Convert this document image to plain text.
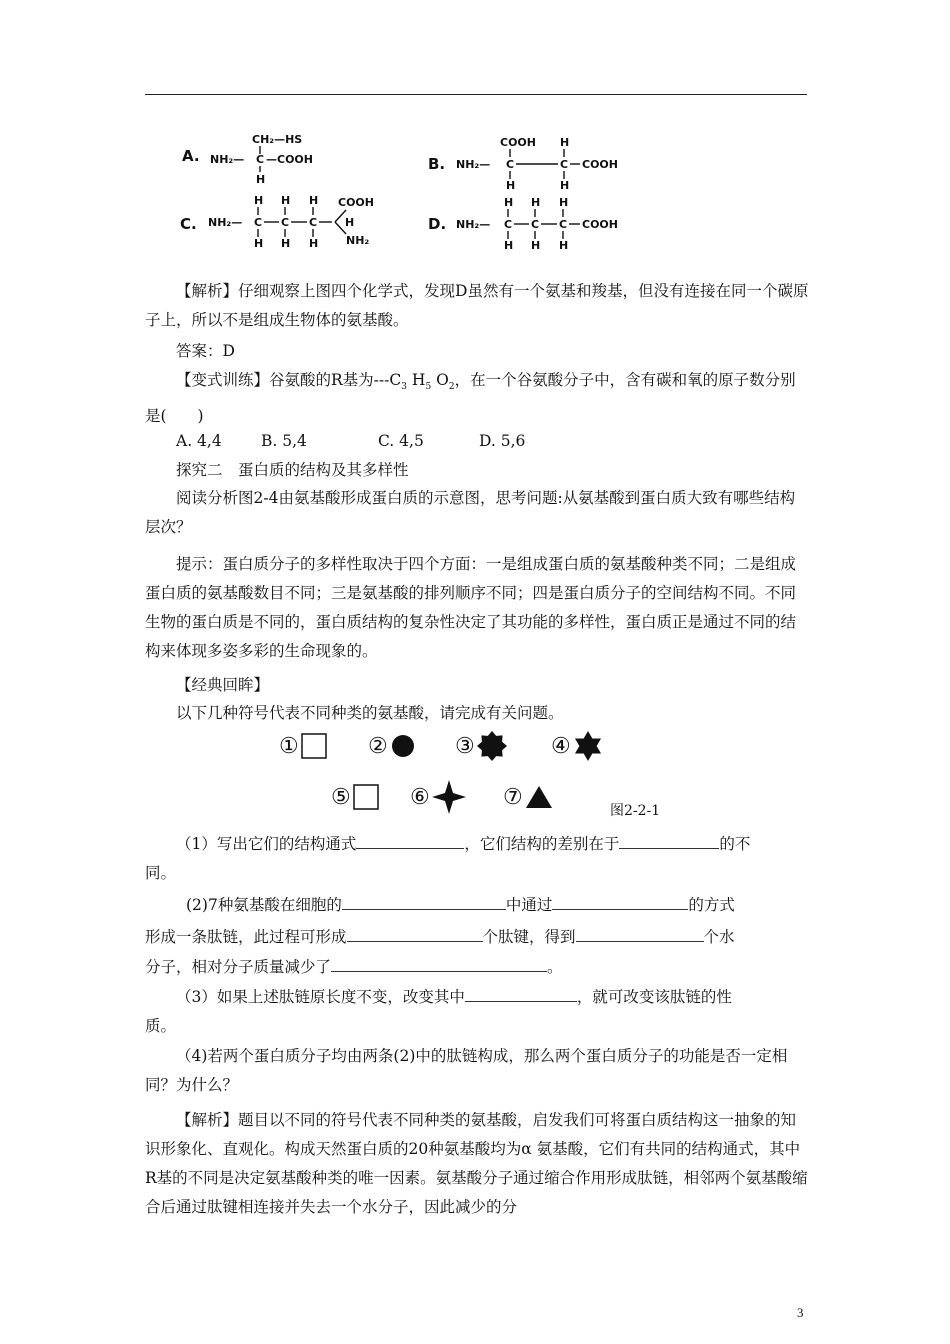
A.
CH₂—HS
NH₂— C —COOH
H
B.
COOH H
NH₂— C	C COOH
H	H
C. NH₂—
H H H
C C C
COOH
H
NH₂
H H H
D. NH₂—
H H H
C C C COOH
H H H

【解析】仔细观察上图四个化学式，发现D虽然有一个氨基和羧基，但没有连接在同一个碳原子上，所以不是组成生物体的氨基酸。

答案：D

【变式训练】谷氨酸的R基为$---C_3$ $H_5$ $O_2$，在一个谷氨酸分子中，含有碳和氧的原子数分别是(　　)

A. 4,4	B. 5,4	C. 4,5	D. 5,6
探究二　蛋白质的结构及其多样性

阅读分析图2-4由氨基酸形成蛋白质的示意图，思考问题:从氨基酸到蛋白质大致有哪些结构层次？

提示：蛋白质分子的多样性取决于四个方面：一是组成蛋白质的氨基酸种类不同；二是组成蛋白质的氨基酸数目不同；三是氨基酸的排列顺序不同；四是蛋白质分子的空间结构不同。不同生物的蛋白质是不同的，蛋白质结构的复杂性决定了其功能的多样性，蛋白质正是通过不同的结构来体现多姿多彩的生命现象的。

【经典回眸】
以下几种符号代表不同种类的氨基酸，请完成有关问题。
①	②	③	④
⑤	⑥	⑦
图2-2-1
（1）写出它们的结构通式	，它们结构的差别在于	的不
同。
(2)7种氨基酸在细胞的	中通过	的方式
形成一条肽链，此过程可形成	个肽键，得到	个水
分子，相对分子质量减少了	。
（3）如果上述肽链原长度不变，改变其中	，就可改变该肽链的性
质。

（4)若两个蛋白质分子均由两条(2)中的肽链构成，那么两个蛋白质分子的功能是否一定相同？为什么？

【解析】题目以不同的符号代表不同种类的氨基酸，启发我们可将蛋白质结构这一抽象的知识形象化、直观化。构成天然蛋白质的20种氨基酸均为α 氨基酸，它们有共同的结构通式，其中R基的不同是决定氨基酸种类的唯一因素。氨基酸分子通过缩合作用形成肽链，相邻两个氨基酸缩合后通过肽键相连接并失去一个水分子，因此减少的分

3
